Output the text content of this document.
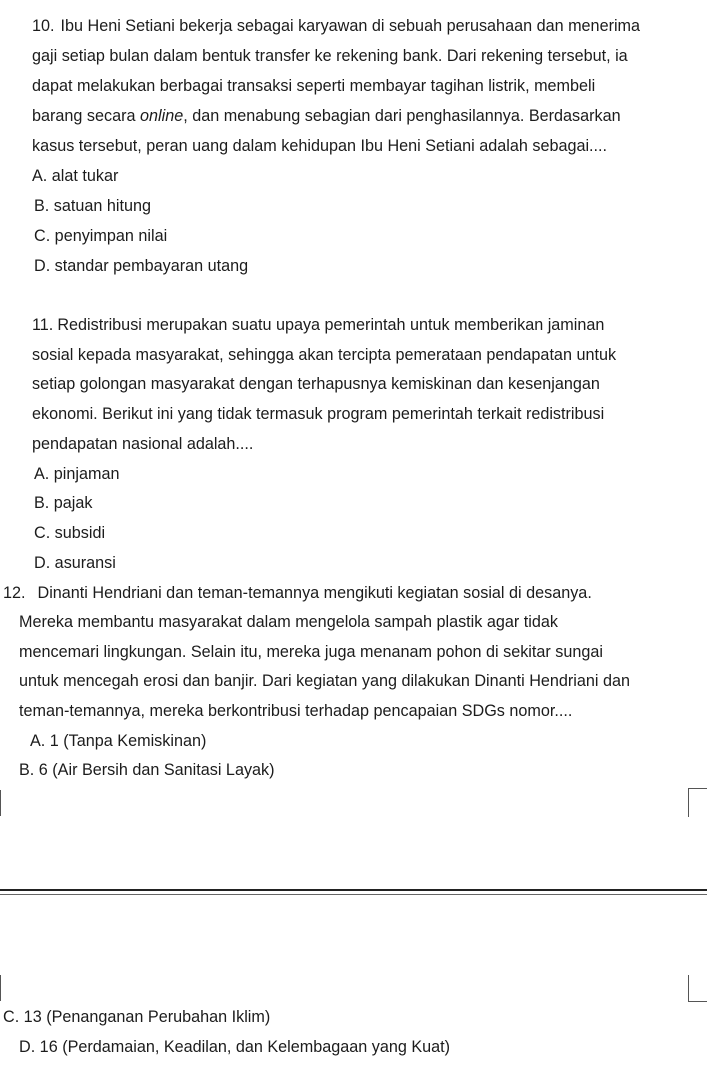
10. Ibu Heni Setiani bekerja sebagai karyawan di sebuah perusahaan dan menerima
gaji setiap bulan dalam bentuk transfer ke rekening bank. Dari rekening tersebut, ia
dapat melakukan berbagai transaksi seperti membayar tagihan listrik, membeli
barang secara online, dan menabung sebagian dari penghasilannya. Berdasarkan
kasus tersebut, peran uang dalam kehidupan Ibu Heni Setiani adalah sebagai....
A. alat tukar
B. satuan hitung
C. penyimpan nilai
D. standar pembayaran utang
11. Redistribusi merupakan suatu upaya pemerintah untuk memberikan jaminan
sosial kepada masyarakat, sehingga akan tercipta pemerataan pendapatan untuk
setiap golongan masyarakat dengan terhapusnya kemiskinan dan kesenjangan
ekonomi. Berikut ini yang tidak termasuk program pemerintah terkait redistribusi
pendapatan nasional adalah....
A. pinjaman
B. pajak
C. subsidi
D. asuransi
12. Dinanti Hendriani dan teman-temannya mengikuti kegiatan sosial di desanya.
Mereka membantu masyarakat dalam mengelola sampah plastik agar tidak
mencemari lingkungan. Selain itu, mereka juga menanam pohon di sekitar sungai
untuk mencegah erosi dan banjir. Dari kegiatan yang dilakukan Dinanti Hendriani dan
teman-temannya, mereka berkontribusi terhadap pencapaian SDGs nomor....
A. 1 (Tanpa Kemiskinan)
B. 6 (Air Bersih dan Sanitasi Layak)
C. 13 (Penanganan Perubahan Iklim)
D. 16 (Perdamaian, Keadilan, dan Kelembagaan yang Kuat)
